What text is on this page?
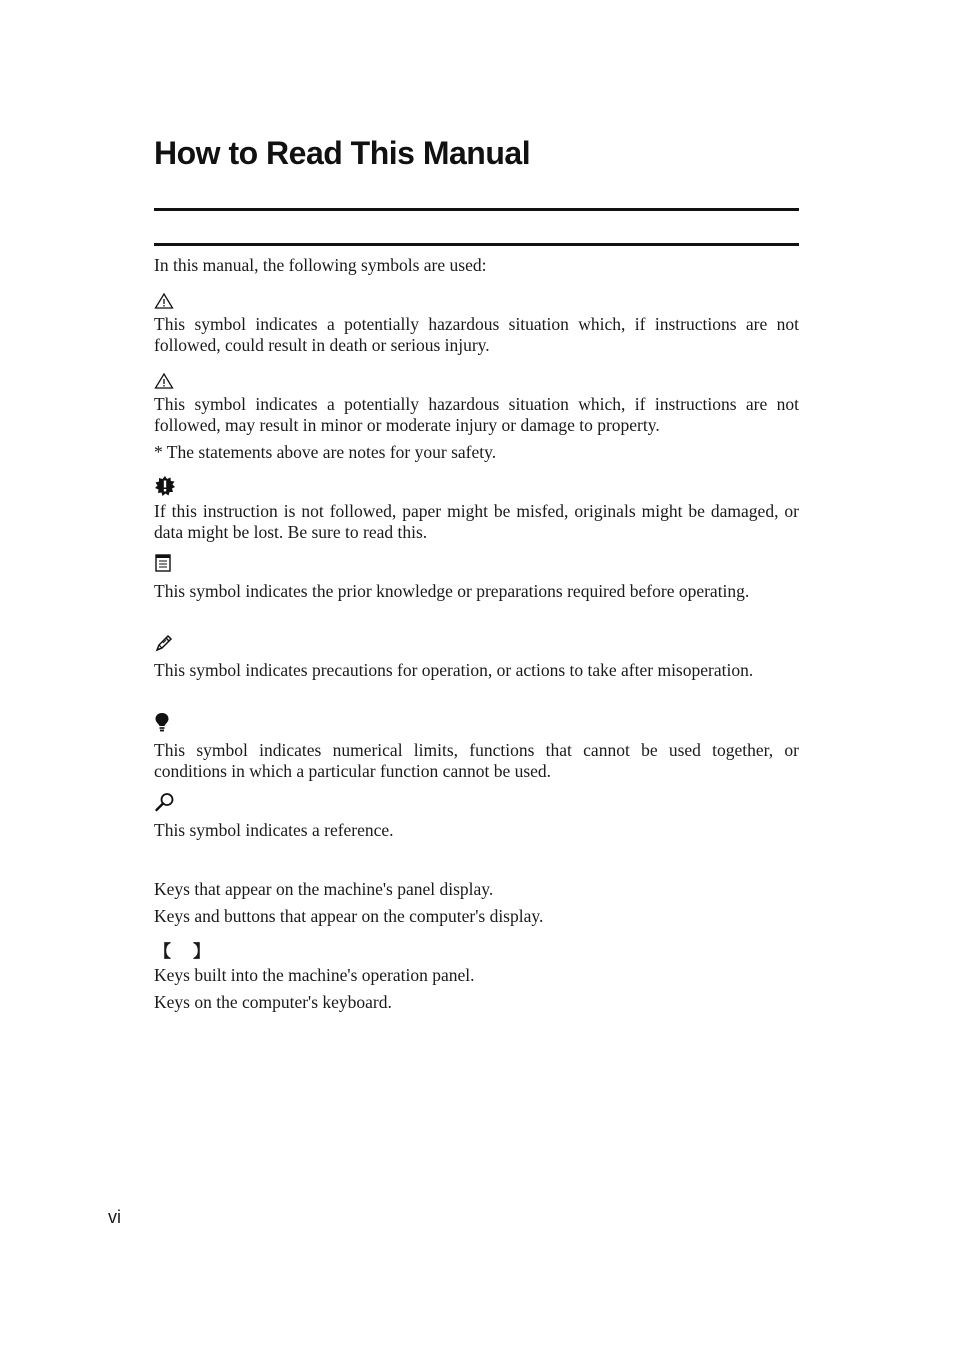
How to Read This Manual
In this manual, the following symbols are used:
This symbol indicates a potentially hazardous situation which, if instructions are not followed, could result in death or serious injury.
This symbol indicates a potentially hazardous situation which, if instructions are not followed, may result in minor or moderate injury or damage to property.
* The statements above are notes for your safety.
If this instruction is not followed, paper might be misfed, originals might be damaged, or data might be lost. Be sure to read this.
This symbol indicates the prior knowledge or preparations required before operating.
This symbol indicates precautions for operation, or actions to take after misoperation.
This symbol indicates numerical limits, functions that cannot be used together, or conditions in which a particular function cannot be used.
This symbol indicates a reference.
Keys that appear on the machine's panel display.
Keys and buttons that appear on the computer's display.
【 】
Keys built into the machine's operation panel.
Keys on the computer's keyboard.
vi
